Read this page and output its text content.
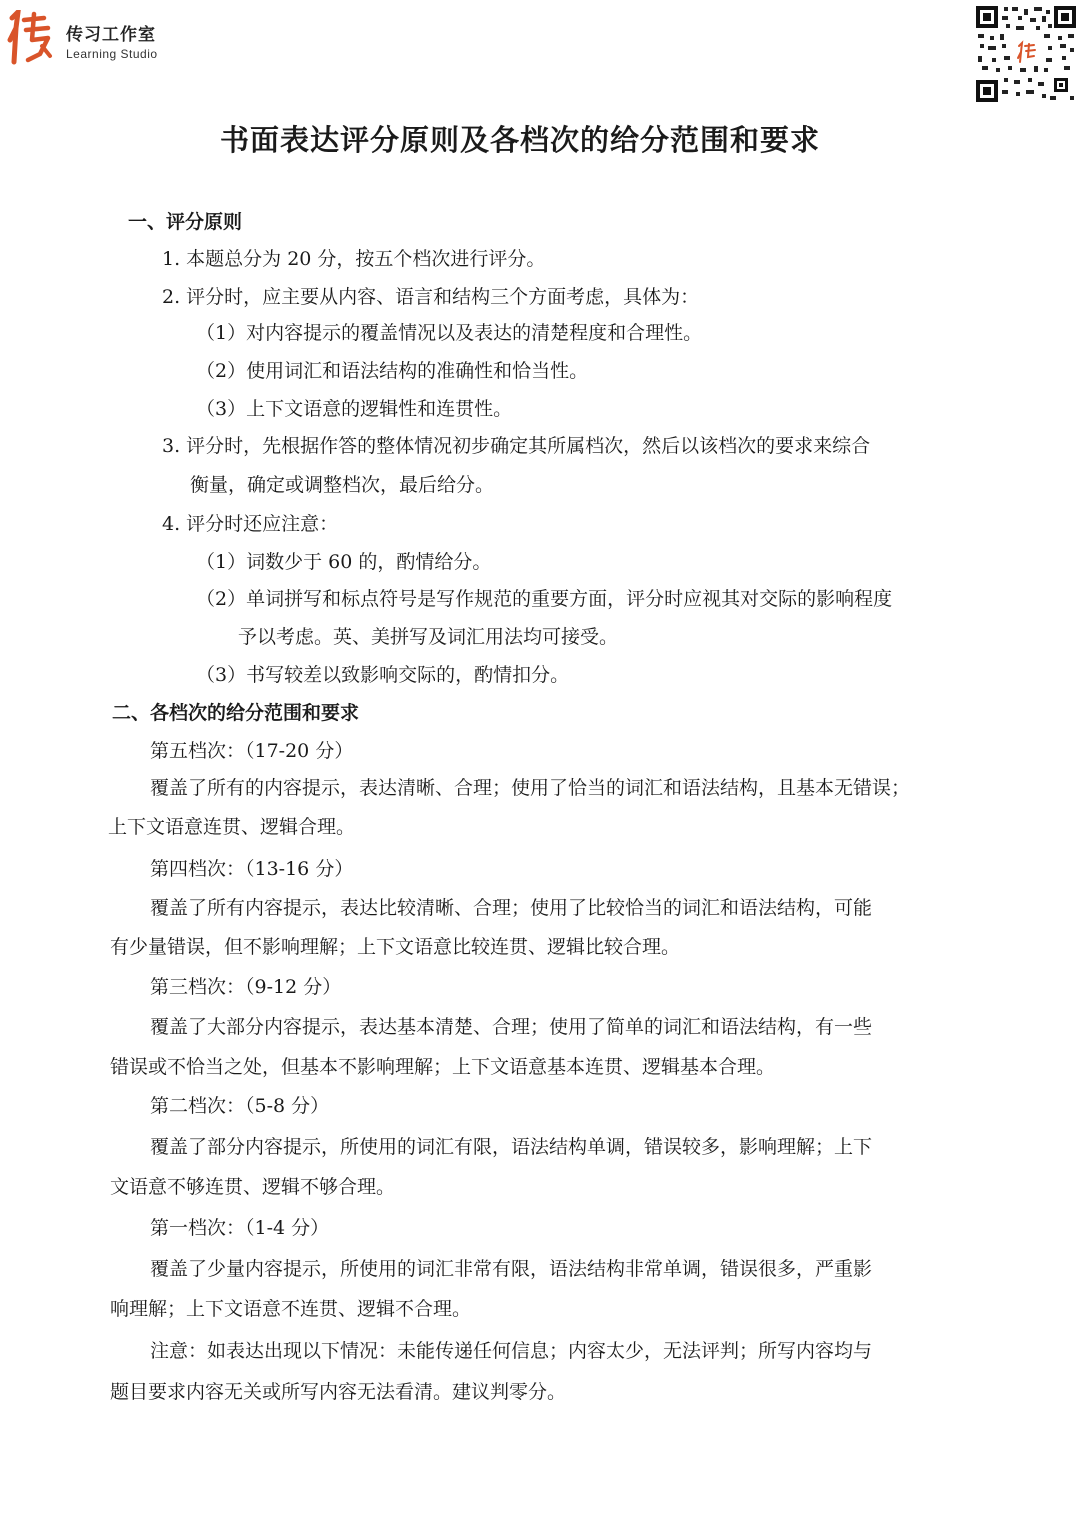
传习工作室
Learning Studio
书面表达评分原则及各档次的给分范围和要求
一、评分原则
1. 本题总分为 20 分，按五个档次进行评分。
2. 评分时，应主要从内容、语言和结构三个方面考虑，具体为：
（1）对内容提示的覆盖情况以及表达的清楚程度和合理性。
（2）使用词汇和语法结构的准确性和恰当性。
（3）上下文语意的逻辑性和连贯性。
3. 评分时，先根据作答的整体情况初步确定其所属档次，然后以该档次的要求来综合
衡量，确定或调整档次，最后给分。
4. 评分时还应注意：
（1）词数少于 60 的，酌情给分。
（2）单词拼写和标点符号是写作规范的重要方面，评分时应视其对交际的影响程度
予以考虑。英、美拼写及词汇用法均可接受。
（3）书写较差以致影响交际的，酌情扣分。
二、各档次的给分范围和要求
第五档次：（17-20 分）
覆盖了所有的内容提示，表达清晰、合理；使用了恰当的词汇和语法结构，且基本无错误；
上下文语意连贯、逻辑合理。
第四档次：（13-16 分）
覆盖了所有内容提示，表达比较清晰、合理；使用了比较恰当的词汇和语法结构，可能
有少量错误，但不影响理解；上下文语意比较连贯、逻辑比较合理。
第三档次：（9-12 分）
覆盖了大部分内容提示，表达基本清楚、合理；使用了简单的词汇和语法结构，有一些
错误或不恰当之处，但基本不影响理解；上下文语意基本连贯、逻辑基本合理。
第二档次：（5-8 分）
覆盖了部分内容提示，所使用的词汇有限，语法结构单调，错误较多，影响理解；上下
文语意不够连贯、逻辑不够合理。
第一档次：（1-4 分）
覆盖了少量内容提示，所使用的词汇非常有限，语法结构非常单调，错误很多，严重影
响理解；上下文语意不连贯、逻辑不合理。
注意：如表达出现以下情况：未能传递任何信息；内容太少，无法评判；所写内容均与
题目要求内容无关或所写内容无法看清。建议判零分。
